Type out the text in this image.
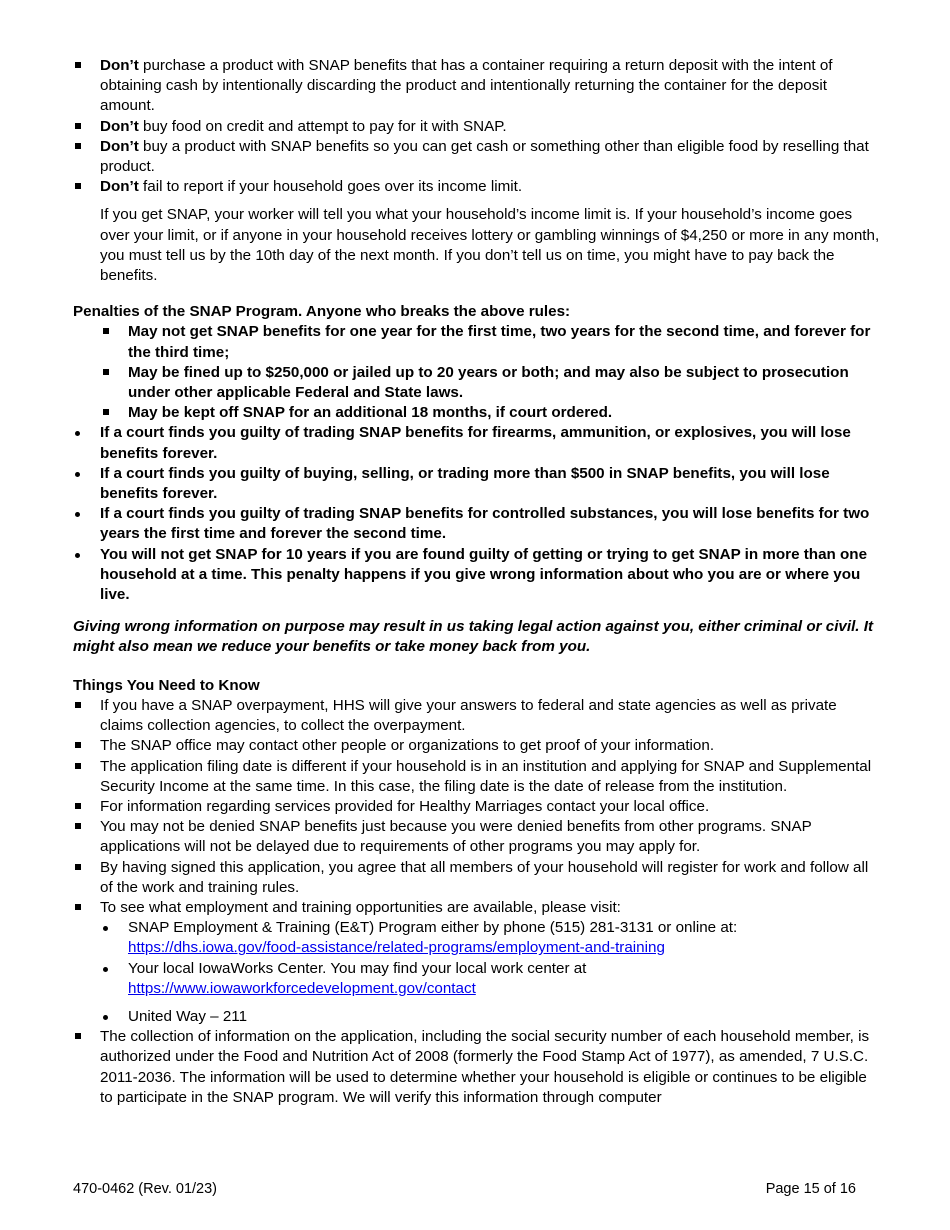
Don’t purchase a product with SNAP benefits that has a container requiring a return deposit with the intent of obtaining cash by intentionally discarding the product and intentionally returning the container for the deposit amount.
Don’t buy food on credit and attempt to pay for it with SNAP.
Don’t buy a product with SNAP benefits so you can get cash or something other than eligible food by reselling that product.
Don’t fail to report if your household goes over its income limit.

If you get SNAP, your worker will tell you what your household’s income limit is. If your household’s income goes over your limit, or if anyone in your household receives lottery or gambling winnings of $4,250 or more in any month, you must tell us by the 10th day of the next month. If you don’t tell us on time, you might have to pay back the benefits.

Penalties of the SNAP Program. Anyone who breaks the above rules:

May not get SNAP benefits for one year for the first time, two years for the second time, and forever for the third time;
May be fined up to $250,000 or jailed up to 20 years or both; and may also be subject to prosecution under other applicable Federal and State laws.
May be kept off SNAP for an additional 18 months, if court ordered.
If a court finds you guilty of trading SNAP benefits for firearms, ammunition, or explosives, you will lose benefits forever.
If a court finds you guilty of buying, selling, or trading more than $500 in SNAP benefits, you will lose benefits forever.
If a court finds you guilty of trading SNAP benefits for controlled substances, you will lose benefits for two years the first time and forever the second time.
You will not get SNAP for 10 years if you are found guilty of getting or trying to get SNAP in more than one household at a time. This penalty happens if you give wrong information about who you are or where you live.

Giving wrong information on purpose may result in us taking legal action against you, either criminal or civil. It might also mean we reduce your benefits or take money back from you.

Things You Need to Know

If you have a SNAP overpayment, HHS will give your answers to federal and state agencies as well as private claims collection agencies, to collect the overpayment.
The SNAP office may contact other people or organizations to get proof of your information.
The application filing date is different if your household is in an institution and applying for SNAP and Supplemental Security Income at the same time. In this case, the filing date is the date of release from the institution.
For information regarding services provided for Healthy Marriages contact your local office.
You may not be denied SNAP benefits just because you were denied benefits from other programs. SNAP applications will not be delayed due to requirements of other programs you may apply for.
By having signed this application, you agree that all members of your household will register for work and follow all of the work and training rules.
To see what employment and training opportunities are available, please visit:
SNAP Employment & Training (E&T) Program either by phone (515) 281-3131 or online at:
https://dhs.iowa.gov/food-assistance/related-programs/employment-and-training
Your local IowaWorks Center. You may find your local work center at
https://www.iowaworkforcedevelopment.gov/contact
United Way – 211
The collection of information on the application, including the social security number of each household member, is authorized under the Food and Nutrition Act of 2008 (formerly the Food Stamp Act of 1977), as amended, 7 U.S.C. 2011-2036. The information will be used to determine whether your household is eligible or continues to be eligible to participate in the SNAP program. We will verify this information through computer
470-0462 (Rev. 01/23)	Page 15 of 16
